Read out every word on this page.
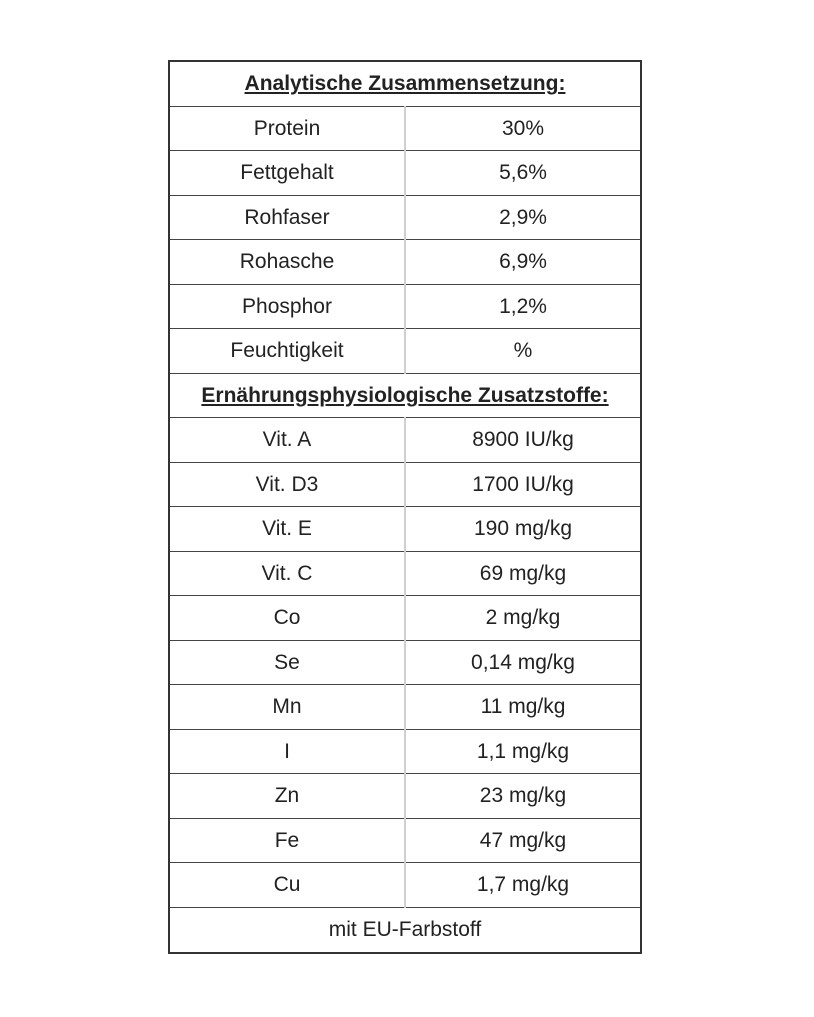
Analytische Zusammensetzung:	
Protein	30%
Fettgehalt	5,6%
Rohfaser	2,9%
Rohasche	6,9%
Phosphor	1,2%
Feuchtigkeit	%
Ernährungsphysiologische Zusatzstoffe:	
Vit. A	8900 IU/kg
Vit. D3	1700 IU/kg
Vit. E	190 mg/kg
Vit. C	69 mg/kg
Co	2 mg/kg
Se	0,14 mg/kg
Mn	11 mg/kg
I	1,1 mg/kg
Zn	23 mg/kg
Fe	47 mg/kg
Cu	1,7 mg/kg
mit EU-Farbstoff	
